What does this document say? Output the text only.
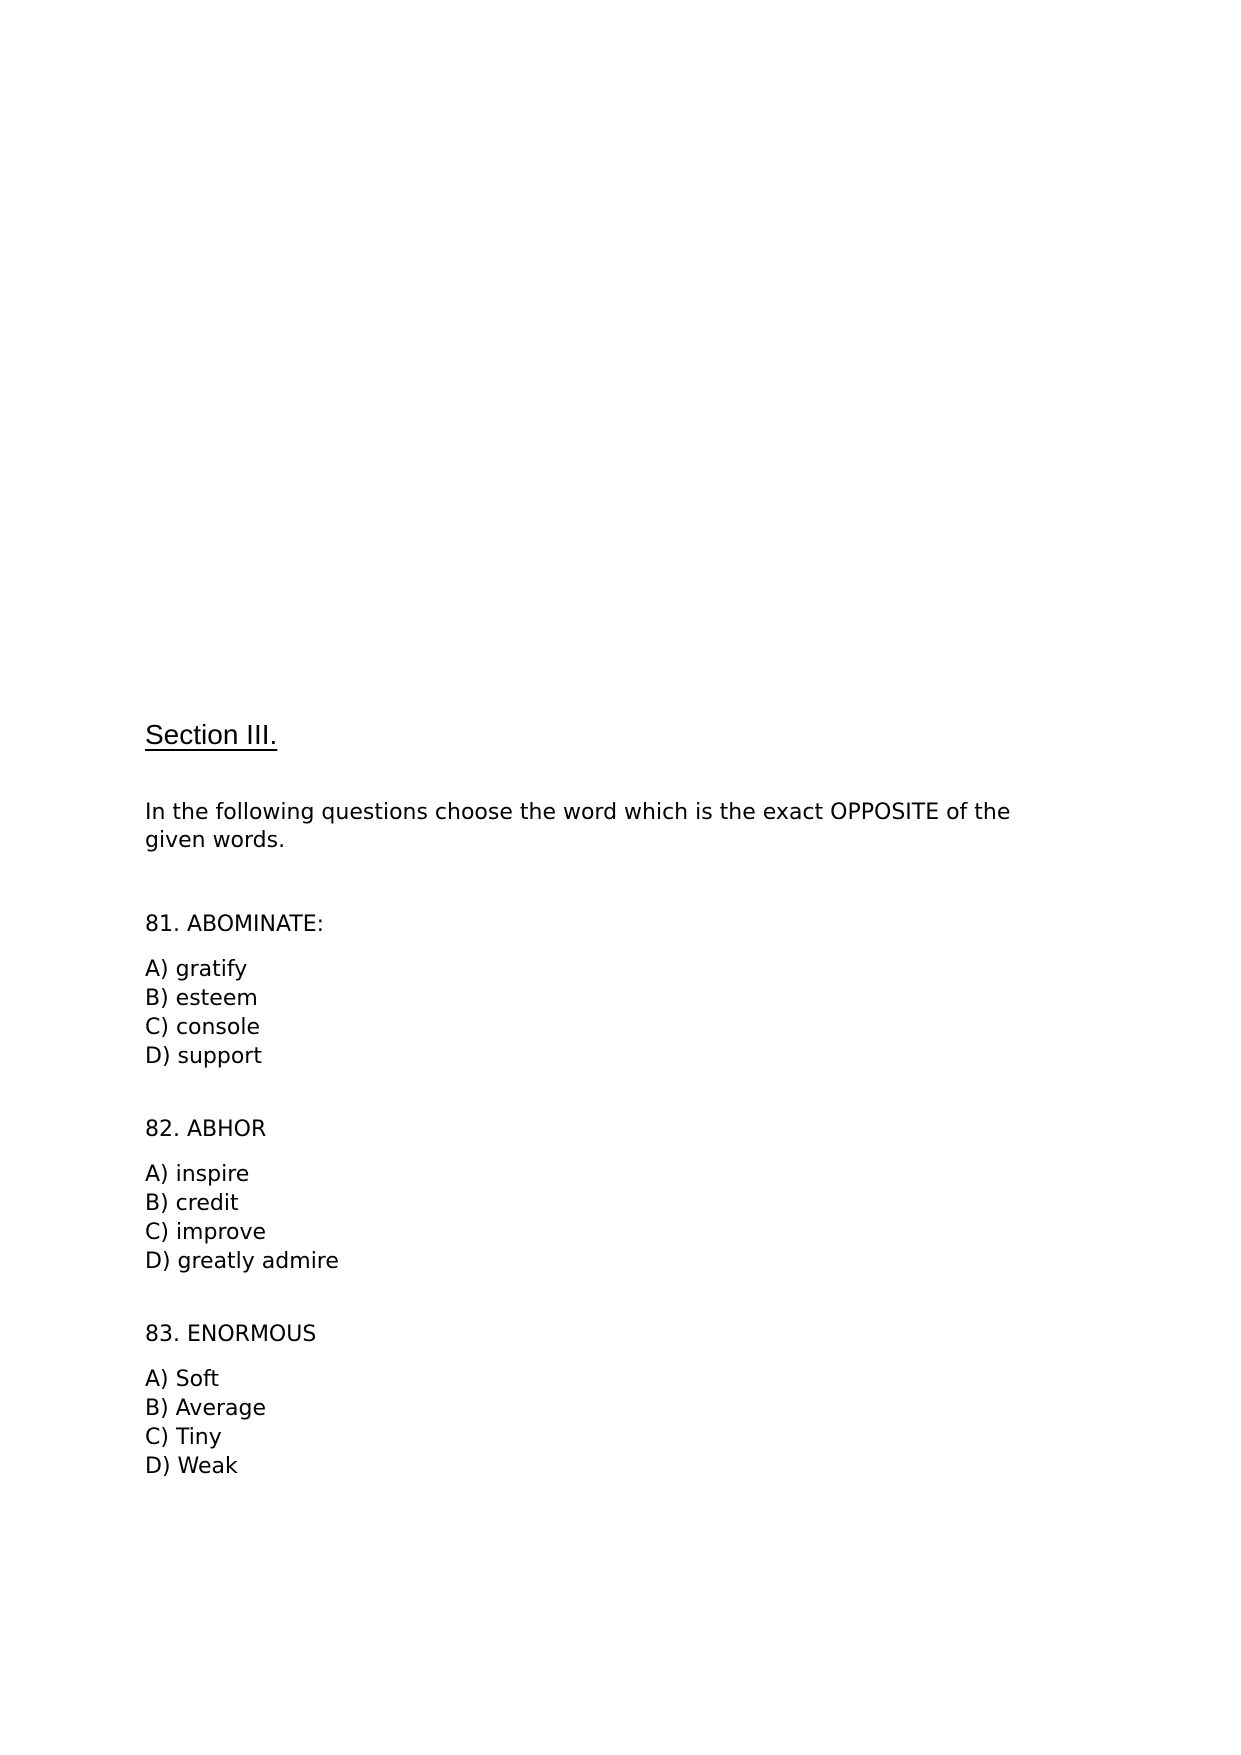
Section III.

In the following questions choose the word which is the exact OPPOSITE of the given words.

81. ABOMINATE:
A) gratify
B) esteem
C) console
D) support
82. ABHOR
A) inspire
B) credit
C) improve
D) greatly admire
83. ENORMOUS
A) Soft
B) Average
C) Tiny
D) Weak
